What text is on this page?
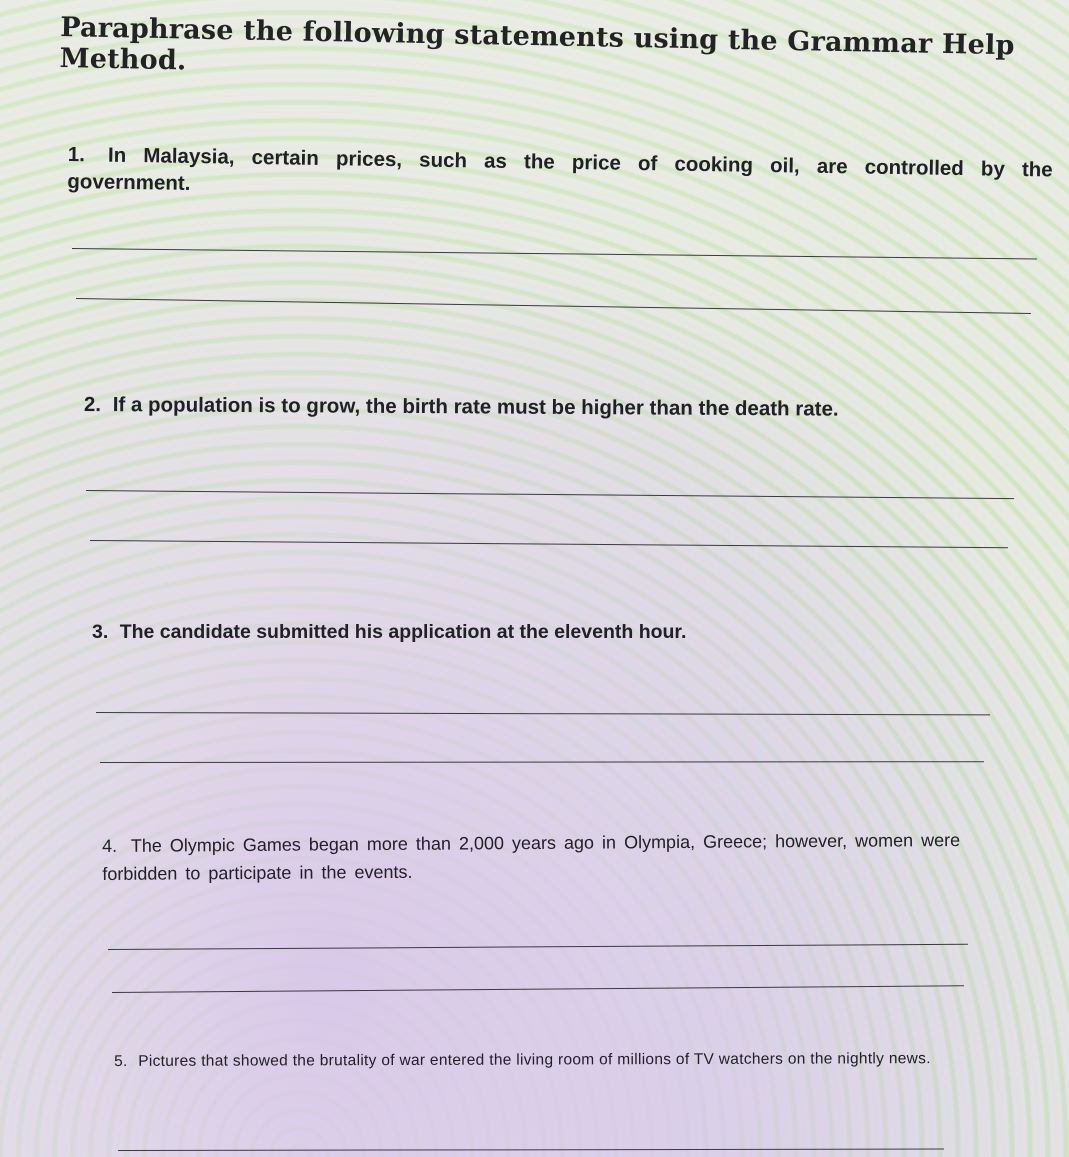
Paraphrase the following statements using the Grammar Help Method.
1. In Malaysia, certain prices, such as the price of cooking oil, are controlled by the government.
2. If a population is to grow, the birth rate must be higher than the death rate.
3. The candidate submitted his application at the eleventh hour.
4. The Olympic Games began more than 2,000 years ago in Olympia, Greece; however, women were forbidden to participate in the events.
5. Pictures that showed the brutality of war entered the living room of millions of TV watchers on the nightly news.
